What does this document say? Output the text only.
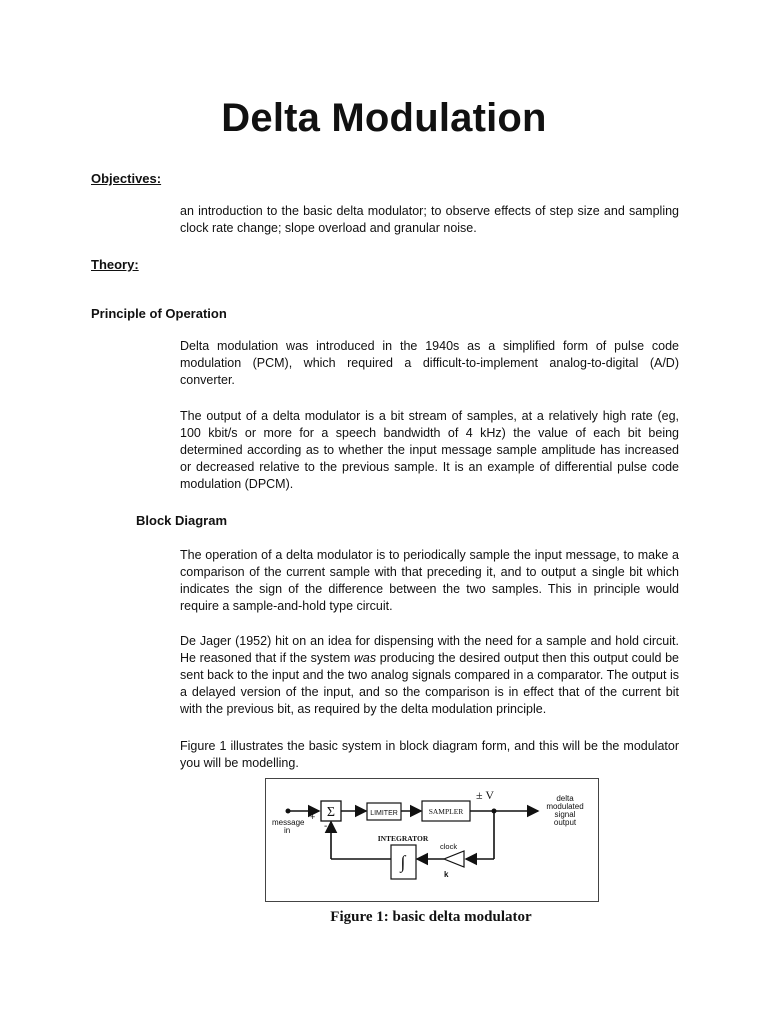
Delta Modulation
Objectives:

an introduction to the basic delta modulator; to observe effects of step size and sampling clock rate change; slope overload and granular noise.

Theory:
Principle of Operation

Delta modulation was introduced in the 1940s as a simplified form of pulse code modulation (PCM), which required a difficult-to-implement analog-to-digital (A/D) converter.

The output of a delta modulator is a bit stream of samples, at a relatively high rate (eg, 100 kbit/s or more for a speech bandwidth of 4 kHz) the value of each bit being determined according as to whether the input message sample amplitude has increased or decreased relative to the previous sample. It is an example of differential pulse code modulation (DPCM).

Block Diagram

The operation of a delta modulator is to periodically sample the input message, to make a comparison of the current sample with that preceding it, and to output a single bit which indicates the sign of the difference between the two samples. This in principle would require a sample-and-hold type circuit.

De Jager (1952) hit on an idea for dispensing with the need for a sample and hold circuit. He reasoned that if the system was producing the desired output then this output could be sent back to the input and the two analog signals compared in a comparator. The output is a delayed version of the input, and so the comparison is in effect that of the current bit with the previous bit, as required by the delta modulation principle.

Figure 1 illustrates the basic system in block diagram form, and this will be the modulator you will be modelling.

message
in
+
-
Σ	LIMITER	SAMPLER
± V	delta
modulated
signal
output
clock
k
INTEGRATOR
∫
Figure 1: basic delta modulator
